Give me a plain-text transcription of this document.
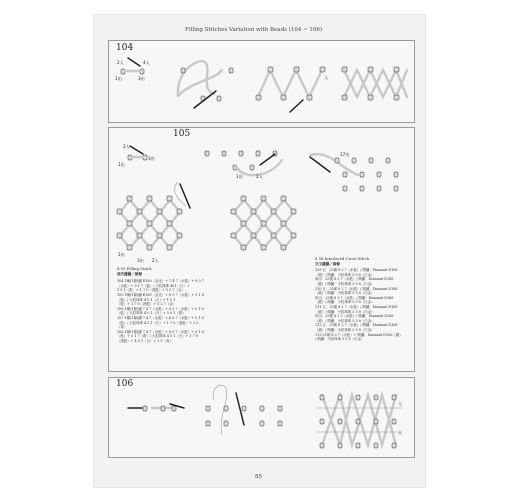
Filling Stitches Variation with Beads (104 ~ 106)
104
2入	4入
1出	3出	入
105
2入
3出
1出
1出	2入
17出
3出
1出
2入
8.95 Filling Stitch
填充繡圖／綠條
104 1種(1條)繡 E180（金光）+ 7 4 7（水藍）+ 8 0 7
（水藍）+ 5 1 7（藍）/ 大粒珠珠 401（白）+
1 0 1（藍）+ 1 7 0（淺藍）+ 5 2 7（金）
105 1種(1條)繡 E180（金光）+ 8 0 7（水藍）+ 5 1 8
（藍）/ 大粒珠珠 4 0 1（白）+ 1 0 1
（藍）+ 1 7 0（淺藍）+ 5 2 7（金）
106 1種(1條)繡 7 4 7（水藍）+ 8 0 7（水藍）+ 5 1 8
（藍）/ 大粒珠珠 4 0 1（白）+ 5 0 1（藍）
107 1種(1條)繡 7 4 7（水藍）+ 8 0 7（水藍）+ 5 1 8
（藍）/ 大粒珠珠 4 0 1（白）+ 1 7 0（淺藍）+ 2 5
（黃）
108 1種(1條)繡 7 4 7（水藍）+ 8 0 7（水藍）+ 5 1 8
（藍）+ 5 1 7（藍）/ 大粒珠珠 4 0 1（白）+ 1 7 0
（淺藍）+ 4 0 1（白）+ 2 5（黃）
8.58 Interlaced Cross Stitch
交叉繡圖／綠條
109 五：25號 8 2 7（水藍）/ 間繡：Diamant D168
（銀）/ 間繡：小粒珠珠 5 5 8（白金）
串出：25號 8 2 7（水藍）/ 間繡：Diamant D168
（銀）/ 間繡：小粒珠珠 5 5 8（白金）
110 五：25號 8 2 7（水藍）/ 間繡：Diamant D168
（銀）/ 間繡：小粒珠珠 5 5 8（白金）
串出：25號 8 2 7（水藍）/ 間繡：Diamant D168
（銀）/ 間繡：小粒珠珠 5 5 8（白金）
111 五：25號 8 2 7（水藍）/ 間繡：Diamant D168
（銀）/ 間繡：小粒珠珠 5 5 8（白金）
串出：25號 8 2 7（水藍）/ 間繡：Diamant D168
（銀）/ 間繡：小粒珠珠 5 5 8（白金）
112 五：25號 8 2 7（水藍）/ 間繡：Diamant D168
（銀）/ 間繡：小粒珠珠 5 5 8（白金）
113 25號 8 2 7（水藍）+ 間繡：Diamant D168（銀）
/ 間繡：小粒珠珠 5 5 8（白金）
106
入
入
85
